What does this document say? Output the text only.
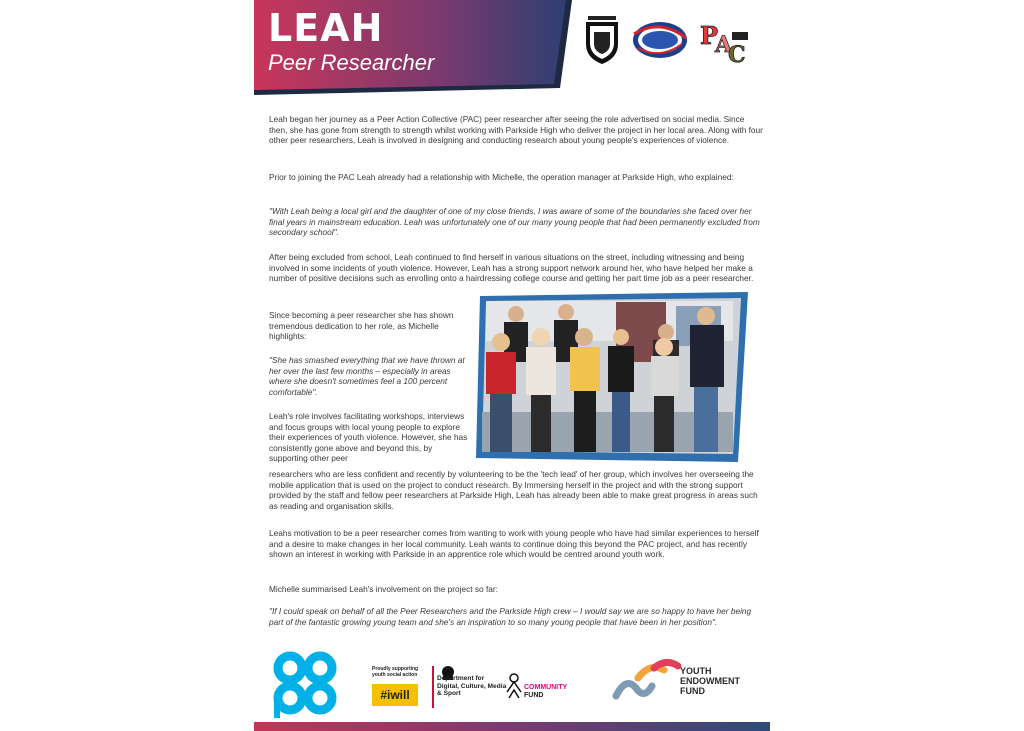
LEAH
Peer Researcher
P
A
C
Leah began her journey as a Peer Action Collective (PAC) peer researcher after seeing the role advertised on social media. Since then, she has gone from strength to strength whilst working with Parkside High who deliver the project in her local area. Along with four other peer researchers, Leah is involved in designing and conducting research about young people's experiences of violence.
Prior to joining the PAC Leah already had a relationship with Michelle, the operation manager at Parkside High, who explained:
"With Leah being a local girl and the daughter of one of my close friends, I was aware of some of the boundaries she faced over her final years in mainstream education. Leah was unfortunately one of our many young people that had been permanently excluded from secondary school".
After being excluded from school, Leah continued to find herself in various situations on the street, including witnessing and being involved in some incidents of youth violence. However, Leah has a strong support network around her, who have helped her make a number of positive decisions such as enrolling onto a hairdressing college course and getting her part time job as a peer researcher.
Since becoming a peer researcher she has shown tremendous dedication to her role, as Michelle highlights:
"She has smashed everything that we have thrown at her over the last few months – especially in areas where she doesn't sometimes feel a 100 percent comfortable".
Leah's role involves facilitating workshops, interviews and focus groups with local young people to explore their experiences of youth violence. However, she has consistently gone above and beyond this, by supporting other peer
researchers who are less confident and recently by volunteering to be the 'tech lead' of her group, which involves her overseeing the mobile application that is used on the project to conduct research. By Immersing herself in the project and with the strong support provided by the staff and fellow peer researchers at Parkside High, Leah has already been able to make great progress in areas such as reading and organisation skills.
Leahs motivation to be a peer researcher comes from wanting to work with young people who have had similar experiences to herself and a desire to make changes in her local community. Leah wants to continue doing this beyond the PAC project, and has recently shown an interest in working with Parkside in an apprentice role which would be centred around youth work.
Michelle summarised Leah's involvement on the project so far:
"If I could speak on behalf of all the Peer Researchers and the Parkside High crew – I would say we are so happy to have her being part of the fantastic growing young team and she's an inspiration to so many young people that have been in her position".
Proudly supporting youth social action
#iwill
Department for Digital, Culture, Media & Sport
COMMUNITY
FUND
YOUTH
ENDOWMENT
FUND
